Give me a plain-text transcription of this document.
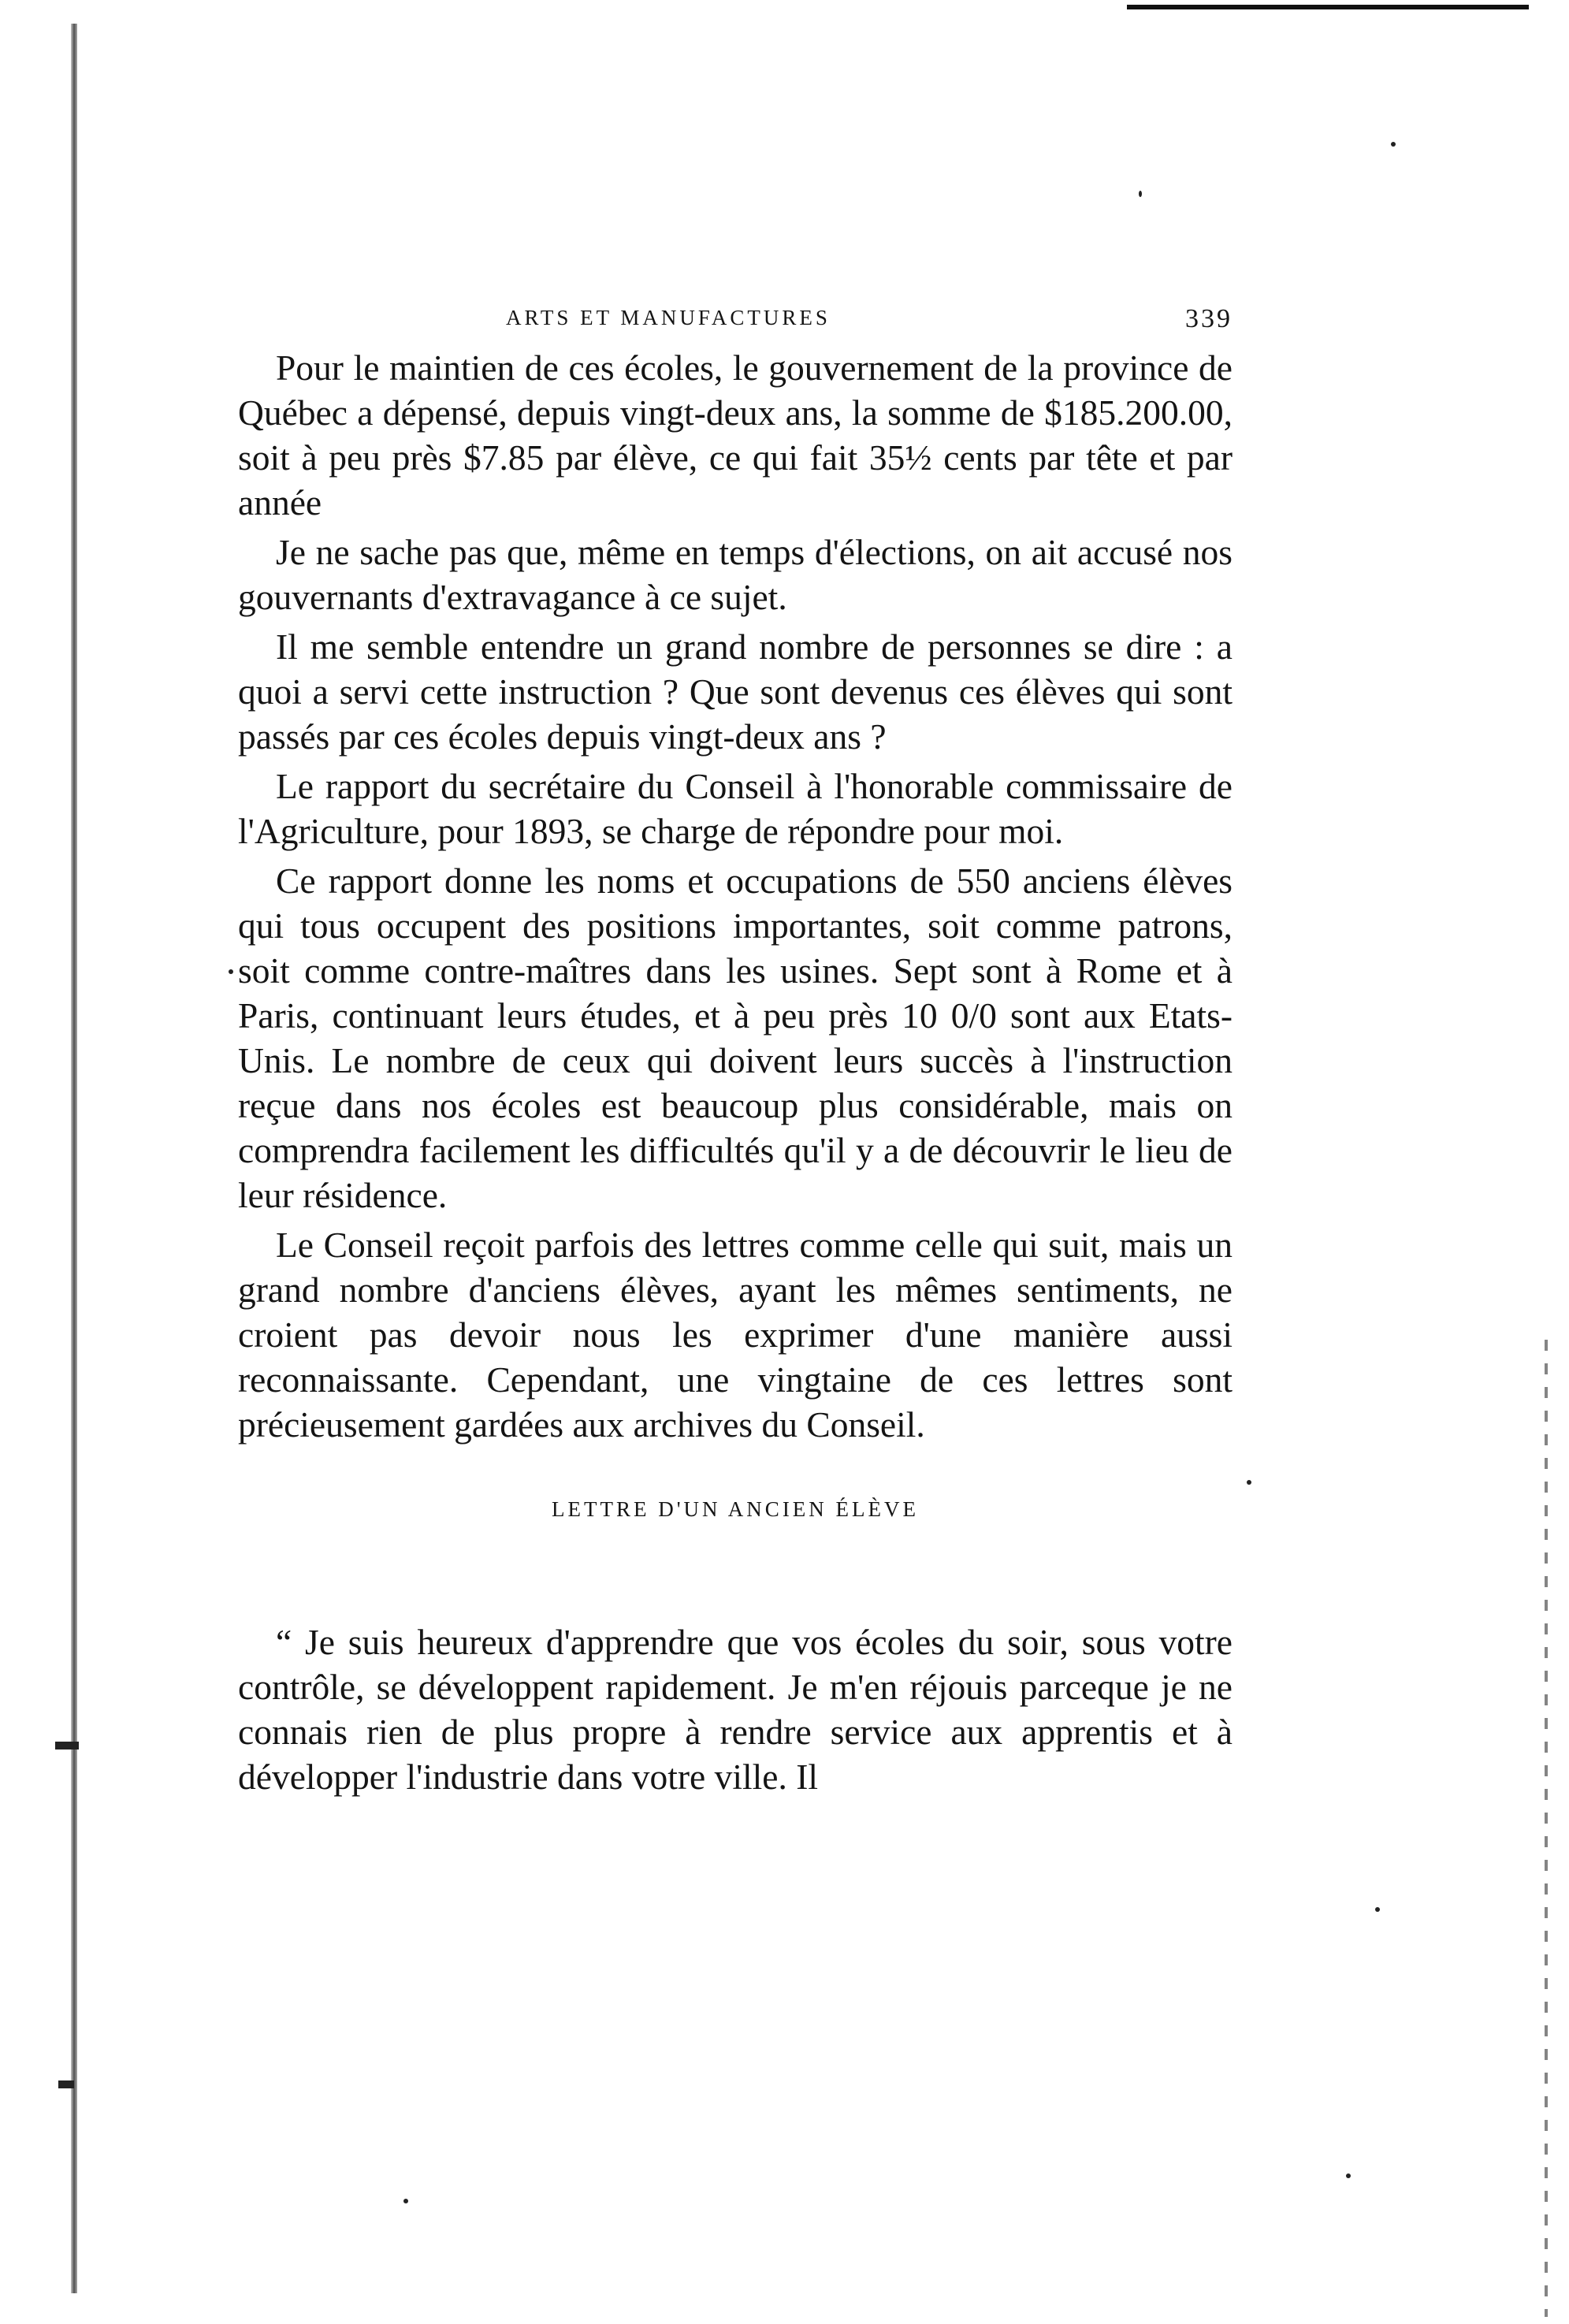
ARTS ET MANUFACTURES	339

Pour le maintien de ces écoles, le gouvernement de la province de Québec a dépensé, depuis vingt-deux ans, la somme de $185.200.00, soit à peu près $7.85 par élève, ce qui fait 35½ cents par tête et par année

Je ne sache pas que, même en temps d'élections, on ait accusé nos gouvernants d'extravagance à ce sujet.

Il me semble entendre un grand nombre de personnes se dire : a quoi a servi cette instruction ? Que sont devenus ces élèves qui sont passés par ces écoles depuis vingt-deux ans ?

Le rapport du secrétaire du Conseil à l'honorable commissaire de l'Agriculture, pour 1893, se charge de répondre pour moi.

Ce rapport donne les noms et occupations de 550 anciens élèves qui tous occupent des positions importantes, soit comme patrons, soit comme contre-maîtres dans les usines. Sept sont à Rome et à Paris, continuant leurs études, et à peu près 10 0/0 sont aux Etats-Unis. Le nombre de ceux qui doivent leurs succès à l'instruction reçue dans nos écoles est beaucoup plus considérable, mais on comprendra facilement les difficultés qu'il y a de découvrir le lieu de leur résidence.

Le Conseil reçoit parfois des lettres comme celle qui suit, mais un grand nombre d'anciens élèves, ayant les mêmes sentiments, ne croient pas devoir nous les exprimer d'une manière aussi reconnaissante. Cependant, une vingtaine de ces lettres sont précieusement gardées aux archives du Conseil.

LETTRE D'UN ANCIEN ÉLÈVE

“ Je suis heureux d'apprendre que vos écoles du soir, sous votre contrôle, se développent rapidement. Je m'en réjouis parceque je ne connais rien de plus propre à rendre service aux apprentis et à développer l'industrie dans votre ville. Il
